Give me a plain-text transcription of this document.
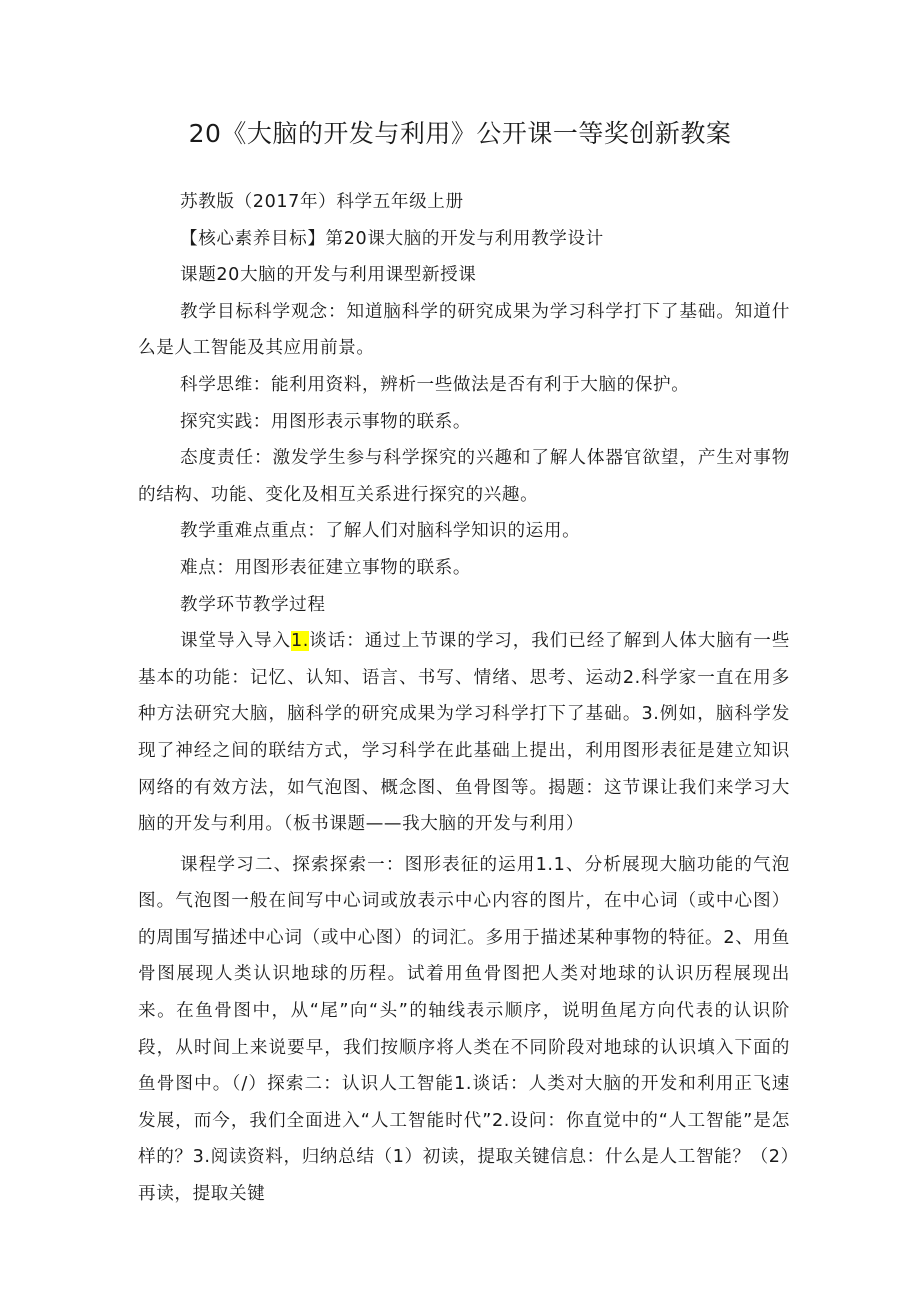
20《大脑的开发与利用》公开课一等奖创新教案

苏教版（2017年）科学五年级上册

【核心素养目标】第20课大脑的开发与利用教学设计

课题20大脑的开发与利用课型新授课

教学目标科学观念：知道脑科学的研究成果为学习科学打下了基础。知道什么是人工智能及其应用前景。

科学思维：能利用资料，辨析一些做法是否有利于大脑的保护。

探究实践：用图形表示事物的联系。

态度责任：激发学生参与科学探究的兴趣和了解人体器官欲望，产生对事物的结构、功能、变化及相互关系进行探究的兴趣。

教学重难点重点：了解人们对脑科学知识的运用。

难点：用图形表征建立事物的联系。

教学环节教学过程

课堂导入导入1.谈话：通过上节课的学习，我们已经了解到人体大脑有一些基本的功能：记忆、认知、语言、书写、情绪、思考、运动2.科学家一直在用多种方法研究大脑，脑科学的研究成果为学习科学打下了基础。3.例如，脑科学发现了神经之间的联结方式，学习科学在此基础上提出，利用图形表征是建立知识网络的有效方法，如气泡图、概念图、鱼骨图等。揭题：这节课让我们来学习大脑的开发与利用。（板书课题——我大脑的开发与利用）

课程学习二、探索探索一：图形表征的运用1.1、分析展现大脑功能的气泡图。气泡图一般在间写中心词或放表示中心内容的图片，在中心词（或中心图）的周围写描述中心词（或中心图）的词汇。多用于描述某种事物的特征。2、用鱼骨图展现人类认识地球的历程。试着用鱼骨图把人类对地球的认识历程展现出来。在鱼骨图中，从“尾”向“头”的轴线表示顺序，说明鱼尾方向代表的认识阶段，从时间上来说要早，我们按顺序将人类在不同阶段对地球的认识填入下面的鱼骨图中。（/）探索二：认识人工智能1.谈话：人类对大脑的开发和利用正飞速发展，而今，我们全面进入“人工智能时代”2.设问：你直觉中的“人工智能”是怎样的？3.阅读资料，归纳总结（1）初读，提取关键信息：什么是人工智能？（2）再读，提取关键
